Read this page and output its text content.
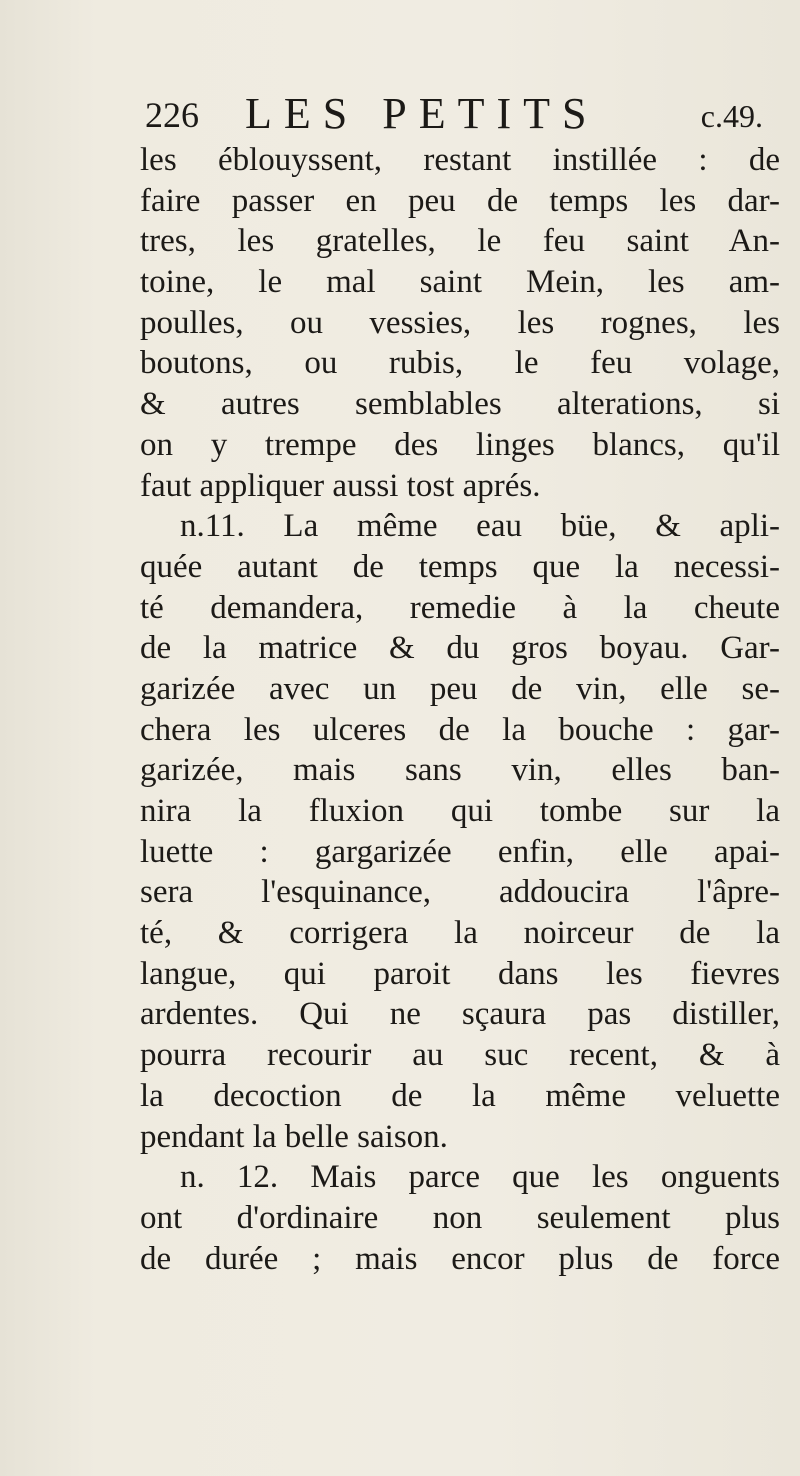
226 LES PETITS	c.49.
les éblouyssent, restant instillée : de
faire passer en peu de temps les dar-
tres, les gratelles, le feu saint An-
toine, le mal saint Mein, les am-
poulles, ou vessies, les rognes, les
boutons, ou rubis, le feu volage,
& autres semblables alterations, si
on y trempe des linges blancs, qu'il
faut appliquer aussi tost aprés.
n.11. La même eau büe, & apli-
quée autant de temps que la necessi-
té demandera, remedie à la cheute
de la matrice & du gros boyau. Gar-
garizée avec un peu de vin, elle se-
chera les ulceres de la bouche : gar-
garizée, mais sans vin, elles ban-
nira la fluxion qui tombe sur la
luette : gargarizée enfin, elle apai-
sera l'esquinance, addoucira l'âpre-
té, & corrigera la noirceur de la
langue, qui paroit dans les fievres
ardentes. Qui ne sçaura pas distiller,
pourra recourir au suc recent, & à
la decoction de la même veluette
pendant la belle saison.
n. 12. Mais parce que les onguents
ont d'ordinaire non seulement plus
de durée ; mais encor plus de force
